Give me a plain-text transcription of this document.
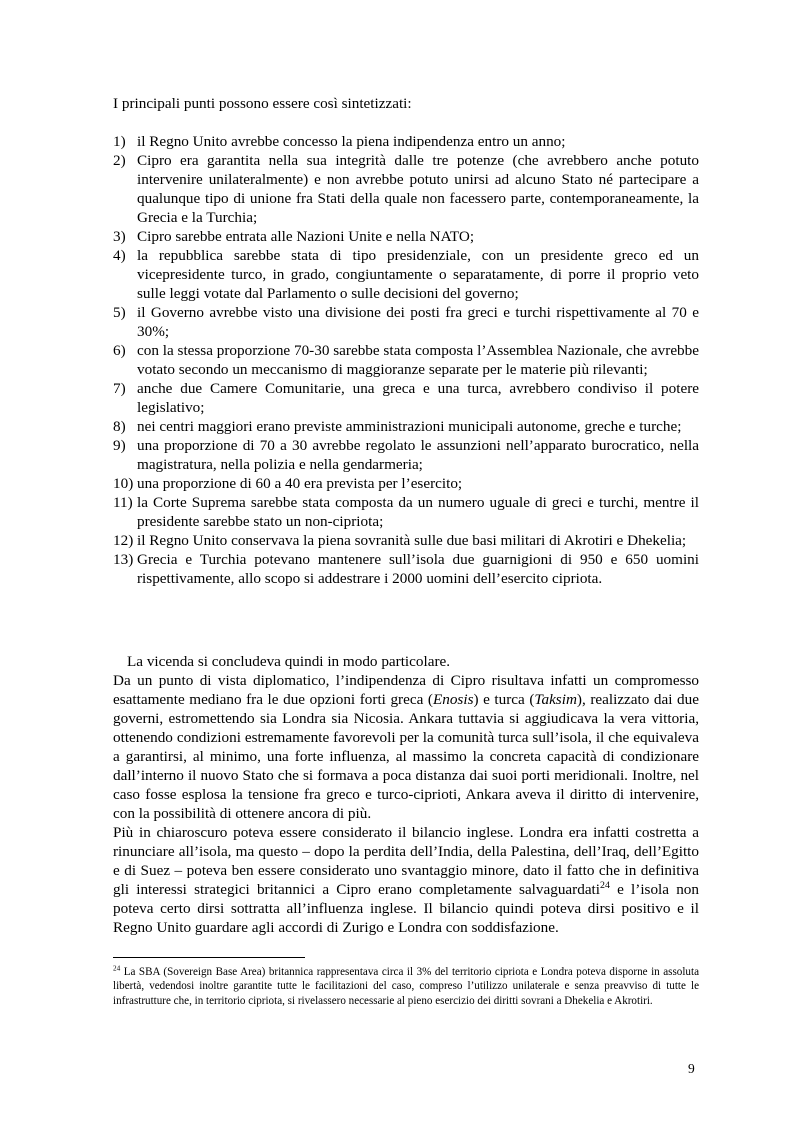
I principali punti possono essere così sintetizzati:

1) il Regno Unito avrebbe concesso la piena indipendenza entro un anno;
2) Cipro era garantita nella sua integrità dalle tre potenze (che avrebbero anche potuto intervenire unilateralmente) e non avrebbe potuto unirsi ad alcuno Stato né partecipare a qualunque tipo di unione fra Stati della quale non facessero parte, contemporaneamente, la Grecia e la Turchia;
3) Cipro sarebbe entrata alle Nazioni Unite e nella NATO;
4) la repubblica sarebbe stata di tipo presidenziale, con un presidente greco ed un vicepresidente turco, in grado, congiuntamente o separatamente, di porre il proprio veto sulle leggi votate dal Parlamento o sulle decisioni del governo;
5) il Governo avrebbe visto una divisione dei posti fra greci e turchi rispettivamente al 70 e 30%;
6) con la stessa proporzione 70-30 sarebbe stata composta l’Assemblea Nazionale, che avrebbe votato secondo un meccanismo di maggioranze separate per le materie più rilevanti;
7) anche due Camere Comunitarie, una greca e una turca, avrebbero condiviso il potere legislativo;
8) nei centri maggiori erano previste amministrazioni municipali autonome, greche e turche;
9) una proporzione di 70 a 30 avrebbe regolato le assunzioni nell’apparato burocratico, nella magistratura, nella polizia e nella gendarmeria;
10) una proporzione di 60 a 40 era prevista per l’esercito;
11) la Corte Suprema sarebbe stata composta da un numero uguale di greci e turchi, mentre il presidente sarebbe stato un non-cipriota;
12) il Regno Unito conservava la piena sovranità sulle due basi militari di Akrotiri e Dhekelia;
13) Grecia e Turchia potevano mantenere sull’isola due guarnigioni di 950 e 650 uomini rispettivamente, allo scopo si addestrare i 2000 uomini dell’esercito cipriota.

La vicenda si concludeva quindi in modo particolare.

Da un punto di vista diplomatico, l’indipendenza di Cipro risultava infatti un compromesso esattamente mediano fra le due opzioni forti greca (Enosis) e turca (Taksim), realizzato dai due governi, estromettendo sia Londra sia Nicosia. Ankara tuttavia si aggiudicava la vera vittoria, ottenendo condizioni estremamente favorevoli per la comunità turca sull’isola, il che equivaleva a garantirsi, al minimo, una forte influenza, al massimo la concreta capacità di condizionare dall’interno il nuovo Stato che si formava a poca distanza dai suoi porti meridionali. Inoltre, nel caso fosse esplosa la tensione fra greco e turco-ciprioti, Ankara aveva il diritto di intervenire, con la possibilità di ottenere ancora di più.

Più in chiaroscuro poteva essere considerato il bilancio inglese. Londra era infatti costretta a rinunciare all’isola, ma questo – dopo la perdita dell’India, della Palestina, dell’Iraq, dell’Egitto e di Suez – poteva ben essere considerato uno svantaggio minore, dato il fatto che in definitiva gli interessi strategici britannici a Cipro erano completamente salvaguardati$^{24}$ e l’isola non poteva certo dirsi sottratta all’influenza inglese. Il bilancio quindi poteva dirsi positivo e il Regno Unito guardare agli accordi di Zurigo e Londra con soddisfazione.

$^{24}$ La SBA (Sovereign Base Area) britannica rappresentava circa il 3% del territorio cipriota e Londra poteva disporne in assoluta libertà, vedendosi inoltre garantite tutte le facilitazioni del caso, compreso l’utilizzo unilaterale e senza preavviso di tutte le infrastrutture che, in territorio cipriota, si rivelassero necessarie al pieno esercizio dei diritti sovrani a Dhekelia e Akrotiri.
9
